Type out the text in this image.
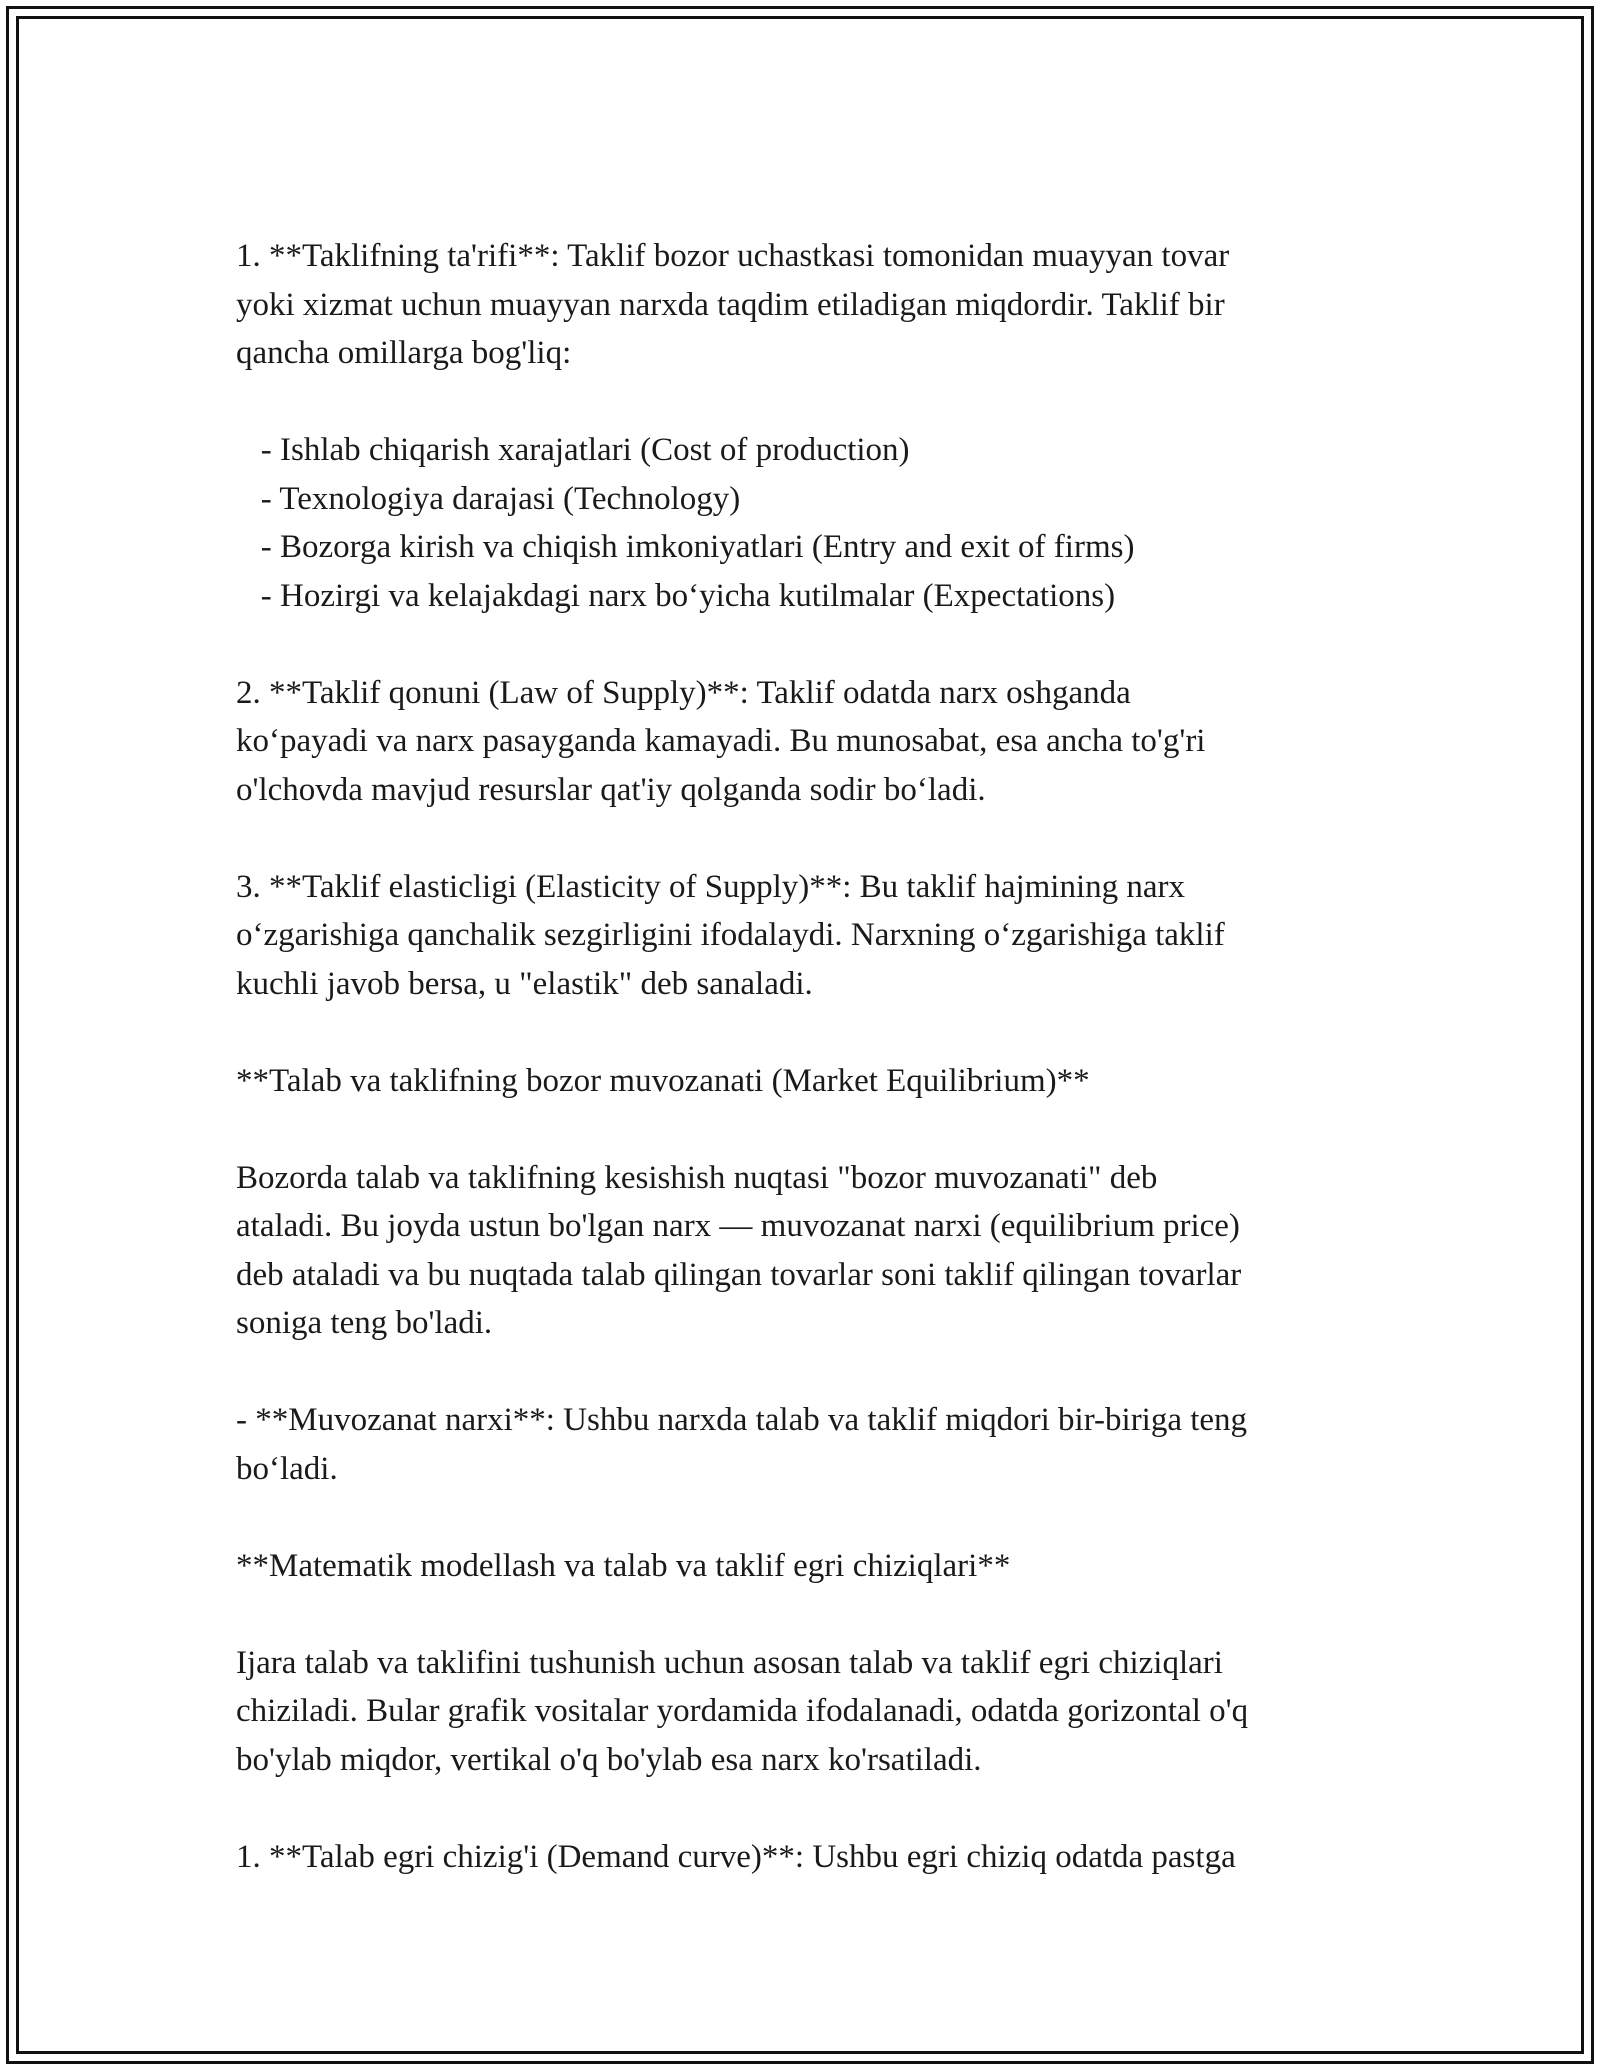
1. **Taklifning ta'rifi**: Taklif bozor uchastkasi tomonidan muayyan tovar

yoki xizmat uchun muayyan narxda taqdim etiladigan miqdordir. Taklif bir

qancha omillarga bog'liq:

- Ishlab chiqarish xarajatlari (Cost of production)

- Texnologiya darajasi (Technology)

- Bozorga kirish va chiqish imkoniyatlari (Entry and exit of firms)

- Hozirgi va kelajakdagi narx bo‘yicha kutilmalar (Expectations)

2. **Taklif qonuni (Law of Supply)**: Taklif odatda narx oshganda

ko‘payadi va narx pasayganda kamayadi. Bu munosabat, esa ancha to'g'ri

o'lchovda mavjud resurslar qat'iy qolganda sodir bo‘ladi.

3. **Taklif elasticligi (Elasticity of Supply)**: Bu taklif hajmining narx

o‘zgarishiga qanchalik sezgirligini ifodalaydi. Narxning o‘zgarishiga taklif

kuchli javob bersa, u "elastik" deb sanaladi.

**Talab va taklifning bozor muvozanati (Market Equilibrium)**

Bozorda talab va taklifning kesishish nuqtasi "bozor muvozanati" deb

ataladi. Bu joyda ustun bo'lgan narx — muvozanat narxi (equilibrium price)

deb ataladi va bu nuqtada talab qilingan tovarlar soni taklif qilingan tovarlar

soniga teng bo'ladi.

- **Muvozanat narxi**: Ushbu narxda talab va taklif miqdori bir-biriga teng

bo‘ladi.

**Matematik modellash va talab va taklif egri chiziqlari**

Ijara talab va taklifini tushunish uchun asosan talab va taklif egri chiziqlari

chiziladi. Bular grafik vositalar yordamida ifodalanadi, odatda gorizontal o'q

bo'ylab miqdor, vertikal o'q bo'ylab esa narx ko'rsatiladi.

1. **Talab egri chizig'i (Demand curve)**: Ushbu egri chiziq odatda pastga
